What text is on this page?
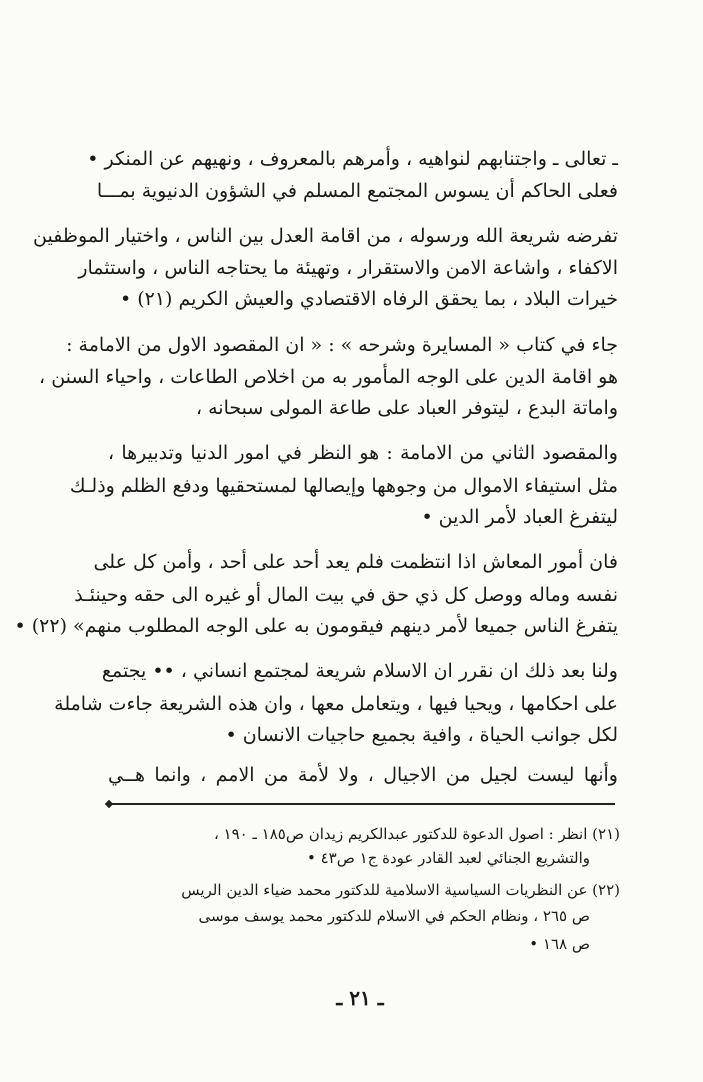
ـ تعالى ـ واجتنابهم لنواهيه ، وأمرهم بالمعروف ، ونهيهم عن المنكر •
فعلى الحاكم أن يسوس المجتمع المسلم في الشؤون الدنيوية بمـــا
تفرضه شريعة الله ورسوله ، من اقامة العدل بين الناس ، واختيار الموظفين
الاكفاء ، واشاعة الامن والاستقرار ، وتهيئة ما يحتاجه الناس ، واستثمار
خيرات البلاد ، بما يحقق الرفاه الاقتصادي والعيش الكريم (٢١) •
جاء في كتاب « المسايرة وشرحه » : « ان المقصود الاول من الامامة :
هو اقامة الدين على الوجه المأمور به من اخلاص الطاعات ، واحياء السنن ،
واماتة البدع ، ليتوفر العباد على طاعة المولى سبحانه ،
والمقصود الثاني من الامامة : هو النظر في امور الدنيا وتدبيرها ،
مثل استيفاء الاموال من وجوهها وإيصالها لمستحقيها ودفع الظلم وذلـك
ليتفرغ العباد لأمر الدين •
فان أمور المعاش اذا انتظمت فلم يعد أحد على أحد ، وأمن كل على
نفسه وماله ووصل كل ذي حق في بيت المال أو غيره الى حقه وحينئـذ
يتفرغ الناس جميعا لأمر دينهم فيقومون به على الوجه المطلوب منهم» (٢٢) •
ولنا بعد ذلك ان نقرر ان الاسلام شريعة لمجتمع انساني ، •• يجتمع
على احكامها ، ويحيا فيها ، ويتعامل معها ، وان هذه الشريعة جاءت شاملة
لكل جوانب الحياة ، وافية بجميع حاجيات الانسان •
وأنها ليست لجيل من الاجيال ، ولا لأمة من الامم ، وانما هــي
(٢١) انظر : اصول الدعوة للدكتور عبدالكريم زيدان ص١٨٥ ـ ١٩٠ ،
والتشريع الجنائي لعبد القادر عودة ج١ ص٤٣ •
(٢٢) عن النظريات السياسية الاسلامية للدكتور محمد ضياء الدين الريس
ص ٢٦٥ ، ونظام الحكم في الاسلام للدكتور محمد يوسف موسى
ص ١٦٨ •
ـ ٢١ ـ
